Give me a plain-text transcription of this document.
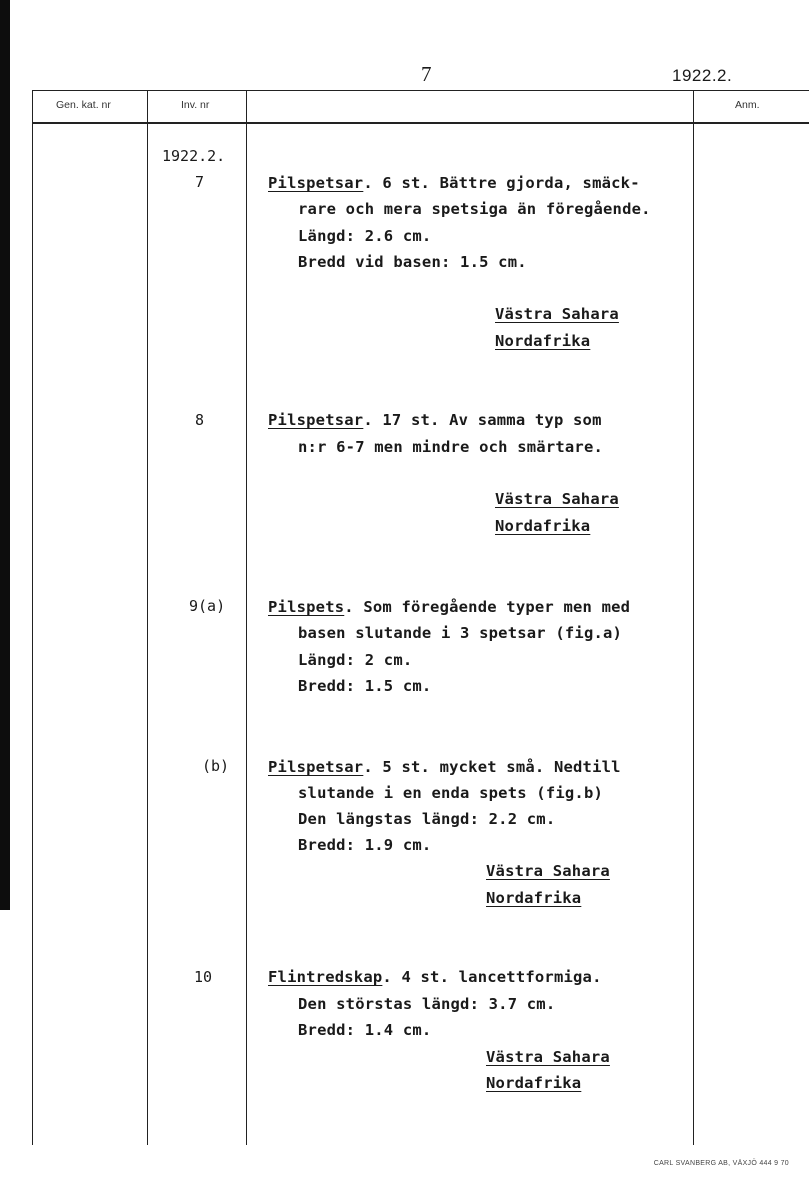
7	1922.2.
Gen. kat. nr	Inv. nr	Anm.
1922.2.
7	Pilspetsar. 6 st. Bättre gjorda, smäck-
rare och mera spetsiga än föregående.
Längd: 2.6 cm.
Bredd vid basen: 1.5 cm.
Västra Sahara
Nordafrika
8	Pilspetsar. 17 st. Av samma typ som
n:r 6-7 men mindre och smärtare.
Västra Sahara
Nordafrika
9(a)	Pilspets. Som föregående typer men med
basen slutande i 3 spetsar (fig.a)
Längd: 2 cm.
Bredd: 1.5 cm.
(b)	Pilspetsar. 5 st. mycket små. Nedtill
slutande i en enda spets (fig.b)
Den längstas längd: 2.2 cm.
Bredd: 1.9 cm.
Västra Sahara
Nordafrika
10	Flintredskap. 4 st. lancettformiga.
Den störstas längd: 3.7 cm.
Bredd: 1.4 cm.
Västra Sahara
Nordafrika
CARL SVANBERG AB, VÄXJÖ 444 9 70
